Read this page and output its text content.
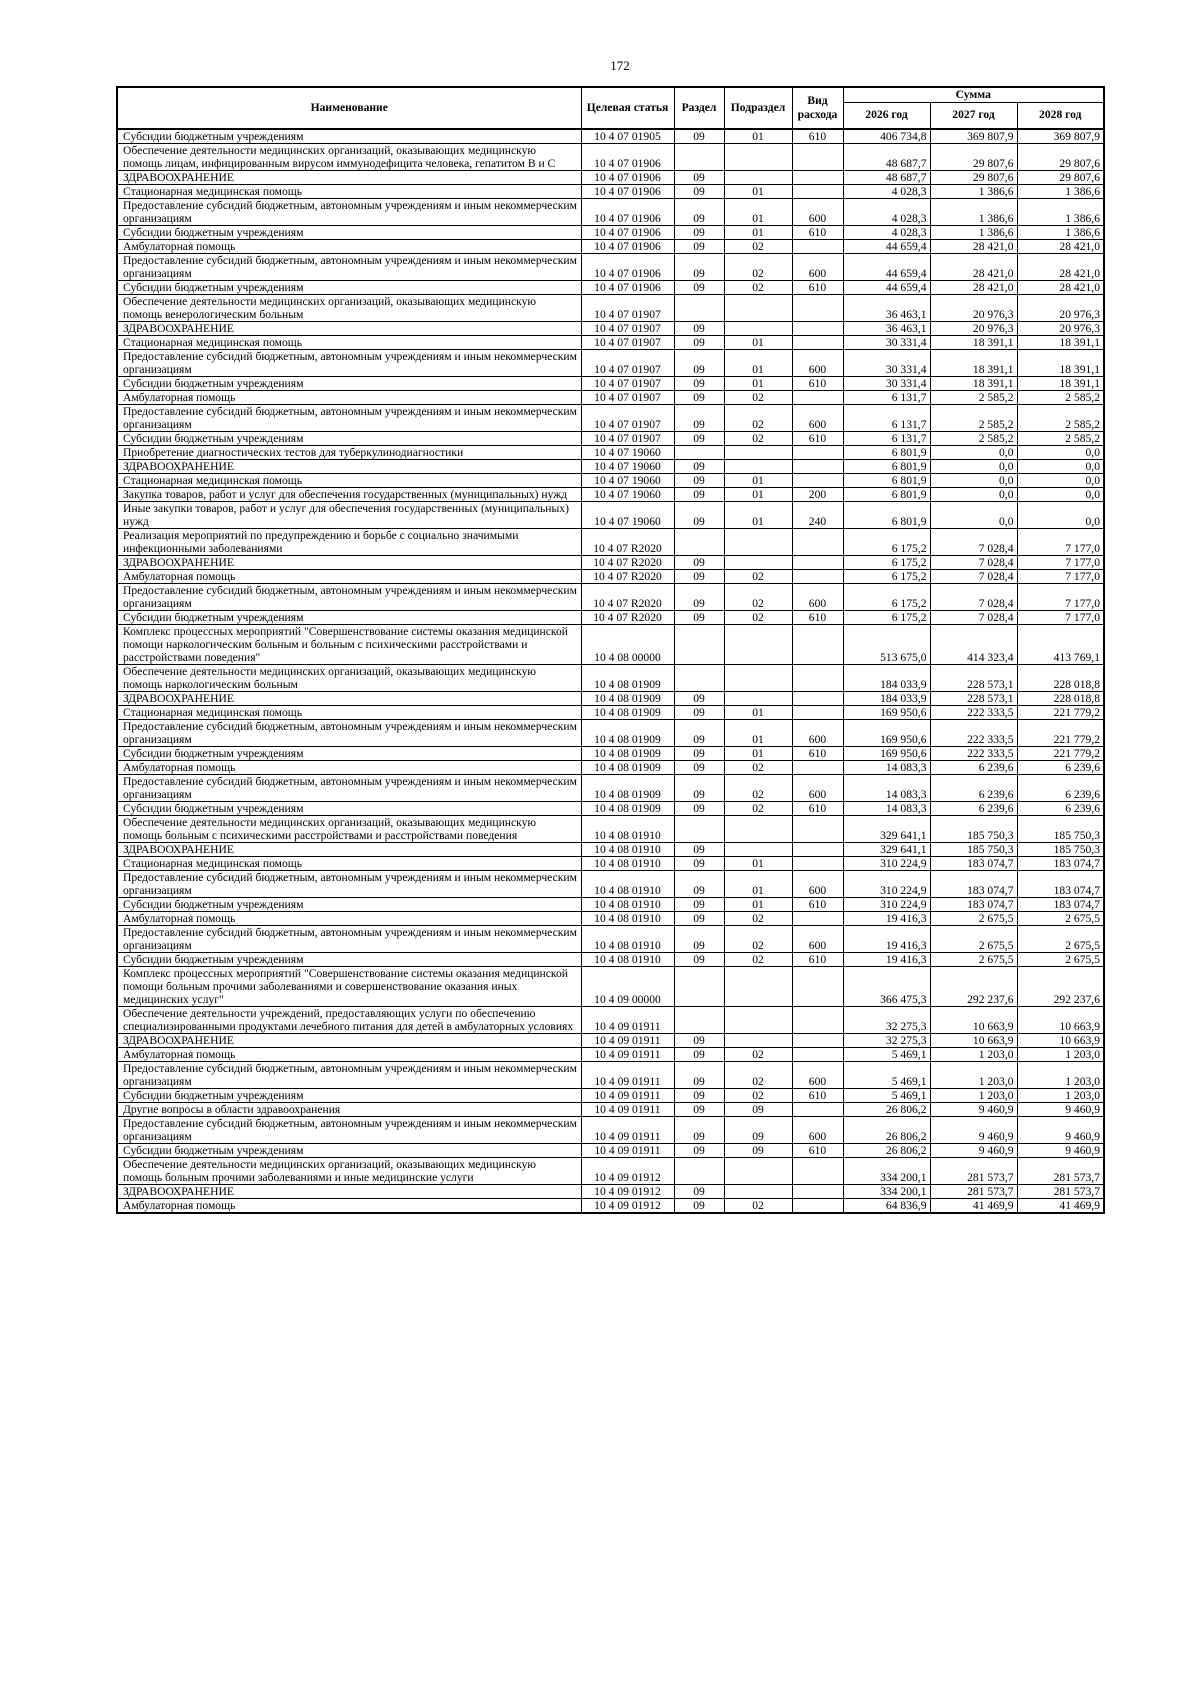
172
Наименование	Целевая статья	Раздел	Подраздел	Вид расхода	Сумма		
					2026 год	2027 год	2028 год
Субсидии бюджетным учреждениям	10 4 07 01905	09	01	610	406 734,8	369 807,9	369 807,9
Обеспечение деятельности медицинских организаций, оказывающих медицинскую помощь лицам, инфицированным вирусом иммунодефицита человека, гепатитом В и С	10 4 07 01906				48 687,7	29 807,6	29 807,6
ЗДРАВООХРАНЕНИЕ	10 4 07 01906	09			48 687,7	29 807,6	29 807,6
Стационарная медицинская помощь	10 4 07 01906	09	01		4 028,3	1 386,6	1 386,6
Предоставление субсидий бюджетным, автономным учреждениям и иным некоммерческим организациям	10 4 07 01906	09	01	600	4 028,3	1 386,6	1 386,6
Субсидии бюджетным учреждениям	10 4 07 01906	09	01	610	4 028,3	1 386,6	1 386,6
Амбулаторная помощь	10 4 07 01906	09	02		44 659,4	28 421,0	28 421,0
Предоставление субсидий бюджетным, автономным учреждениям и иным некоммерческим организациям	10 4 07 01906	09	02	600	44 659,4	28 421,0	28 421,0
Субсидии бюджетным учреждениям	10 4 07 01906	09	02	610	44 659,4	28 421,0	28 421,0
Обеспечение деятельности медицинских организаций, оказывающих медицинскую помощь венерологическим больным	10 4 07 01907				36 463,1	20 976,3	20 976,3
ЗДРАВООХРАНЕНИЕ	10 4 07 01907	09			36 463,1	20 976,3	20 976,3
Стационарная медицинская помощь	10 4 07 01907	09	01		30 331,4	18 391,1	18 391,1
Предоставление субсидий бюджетным, автономным учреждениям и иным некоммерческим организациям	10 4 07 01907	09	01	600	30 331,4	18 391,1	18 391,1
Субсидии бюджетным учреждениям	10 4 07 01907	09	01	610	30 331,4	18 391,1	18 391,1
Амбулаторная помощь	10 4 07 01907	09	02		6 131,7	2 585,2	2 585,2
Предоставление субсидий бюджетным, автономным учреждениям и иным некоммерческим организациям	10 4 07 01907	09	02	600	6 131,7	2 585,2	2 585,2
Субсидии бюджетным учреждениям	10 4 07 01907	09	02	610	6 131,7	2 585,2	2 585,2
Приобретение диагностических тестов для туберкулинодиагностики	10 4 07 19060				6 801,9	0,0	0,0
ЗДРАВООХРАНЕНИЕ	10 4 07 19060	09			6 801,9	0,0	0,0
Стационарная медицинская помощь	10 4 07 19060	09	01		6 801,9	0,0	0,0
Закупка товаров, работ и услуг для обеспечения государственных (муниципальных) нужд	10 4 07 19060	09	01	200	6 801,9	0,0	0,0
Иные закупки товаров, работ и услуг для обеспечения государственных (муниципальных) нужд	10 4 07 19060	09	01	240	6 801,9	0,0	0,0
Реализация мероприятий по предупреждению и борьбе с социально значимыми инфекционными заболеваниями	10 4 07 R2020				6 175,2	7 028,4	7 177,0
ЗДРАВООХРАНЕНИЕ	10 4 07 R2020	09			6 175,2	7 028,4	7 177,0
Амбулаторная помощь	10 4 07 R2020	09	02		6 175,2	7 028,4	7 177,0
Предоставление субсидий бюджетным, автономным учреждениям и иным некоммерческим организациям	10 4 07 R2020	09	02	600	6 175,2	7 028,4	7 177,0
Субсидии бюджетным учреждениям	10 4 07 R2020	09	02	610	6 175,2	7 028,4	7 177,0
Комплекс процессных мероприятий "Совершенствование системы оказания медицинской помощи наркологическим больным и больным с психическими расстройствами и расстройствами поведения"	10 4 08 00000				513 675,0	414 323,4	413 769,1
Обеспечение деятельности медицинских организаций, оказывающих медицинскую помощь наркологическим больным	10 4 08 01909				184 033,9	228 573,1	228 018,8
ЗДРАВООХРАНЕНИЕ	10 4 08 01909	09			184 033,9	228 573,1	228 018,8
Стационарная медицинская помощь	10 4 08 01909	09	01		169 950,6	222 333,5	221 779,2
Предоставление субсидий бюджетным, автономным учреждениям и иным некоммерческим организациям	10 4 08 01909	09	01	600	169 950,6	222 333,5	221 779,2
Субсидии бюджетным учреждениям	10 4 08 01909	09	01	610	169 950,6	222 333,5	221 779,2
Амбулаторная помощь	10 4 08 01909	09	02		14 083,3	6 239,6	6 239,6
Предоставление субсидий бюджетным, автономным учреждениям и иным некоммерческим организациям	10 4 08 01909	09	02	600	14 083,3	6 239,6	6 239,6
Субсидии бюджетным учреждениям	10 4 08 01909	09	02	610	14 083,3	6 239,6	6 239,6
Обеспечение деятельности медицинских организаций, оказывающих медицинскую помощь больным с психическими расстройствами и расстройствами поведения	10 4 08 01910				329 641,1	185 750,3	185 750,3
ЗДРАВООХРАНЕНИЕ	10 4 08 01910	09			329 641,1	185 750,3	185 750,3
Стационарная медицинская помощь	10 4 08 01910	09	01		310 224,9	183 074,7	183 074,7
Предоставление субсидий бюджетным, автономным учреждениям и иным некоммерческим организациям	10 4 08 01910	09	01	600	310 224,9	183 074,7	183 074,7
Субсидии бюджетным учреждениям	10 4 08 01910	09	01	610	310 224,9	183 074,7	183 074,7
Амбулаторная помощь	10 4 08 01910	09	02		19 416,3	2 675,5	2 675,5
Предоставление субсидий бюджетным, автономным учреждениям и иным некоммерческим организациям	10 4 08 01910	09	02	600	19 416,3	2 675,5	2 675,5
Субсидии бюджетным учреждениям	10 4 08 01910	09	02	610	19 416,3	2 675,5	2 675,5
Комплекс процессных мероприятий "Совершенствование системы оказания медицинской помощи больным прочими заболеваниями и совершенствование оказания иных медицинских услуг"	10 4 09 00000				366 475,3	292 237,6	292 237,6
Обеспечение деятельности учреждений, предоставляющих услуги по обеспечению специализированными продуктами лечебного питания для детей в амбулаторных условиях	10 4 09 01911				32 275,3	10 663,9	10 663,9
ЗДРАВООХРАНЕНИЕ	10 4 09 01911	09			32 275,3	10 663,9	10 663,9
Амбулаторная помощь	10 4 09 01911	09	02		5 469,1	1 203,0	1 203,0
Предоставление субсидий бюджетным, автономным учреждениям и иным некоммерческим организациям	10 4 09 01911	09	02	600	5 469,1	1 203,0	1 203,0
Субсидии бюджетным учреждениям	10 4 09 01911	09	02	610	5 469,1	1 203,0	1 203,0
Другие вопросы в области здравоохранения	10 4 09 01911	09	09		26 806,2	9 460,9	9 460,9
Предоставление субсидий бюджетным, автономным учреждениям и иным некоммерческим организациям	10 4 09 01911	09	09	600	26 806,2	9 460,9	9 460,9
Субсидии бюджетным учреждениям	10 4 09 01911	09	09	610	26 806,2	9 460,9	9 460,9
Обеспечение деятельности медицинских организаций, оказывающих медицинскую помощь больным прочими заболеваниями и иные медицинские услуги	10 4 09 01912				334 200,1	281 573,7	281 573,7
ЗДРАВООХРАНЕНИЕ	10 4 09 01912	09			334 200,1	281 573,7	281 573,7
Амбулаторная помощь	10 4 09 01912	09	02		64 836,9	41 469,9	41 469,9
